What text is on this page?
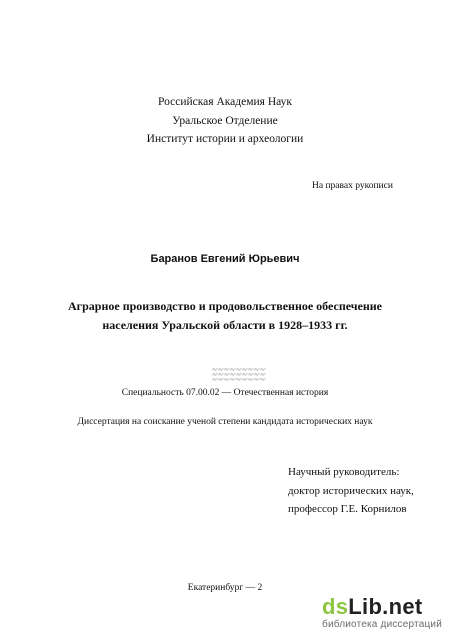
Российская Академия Наук
Уральское Отделение
Институт истории и археологии
На правах рукописи
Баранов Евгений Юрьевич
Аграрное производство и продовольственное обеспечение
населения Уральской области в 1928–1933 гг.
Специальность 07.00.02 — Отечественная история
Диссертация на соискание ученой степени кандидата исторических наук
Научный руководитель:
доктор исторических наук,
профессор Г.Е. Корнилов
Екатеринбург — 2
dsLib.net
библиотека диссертаций
